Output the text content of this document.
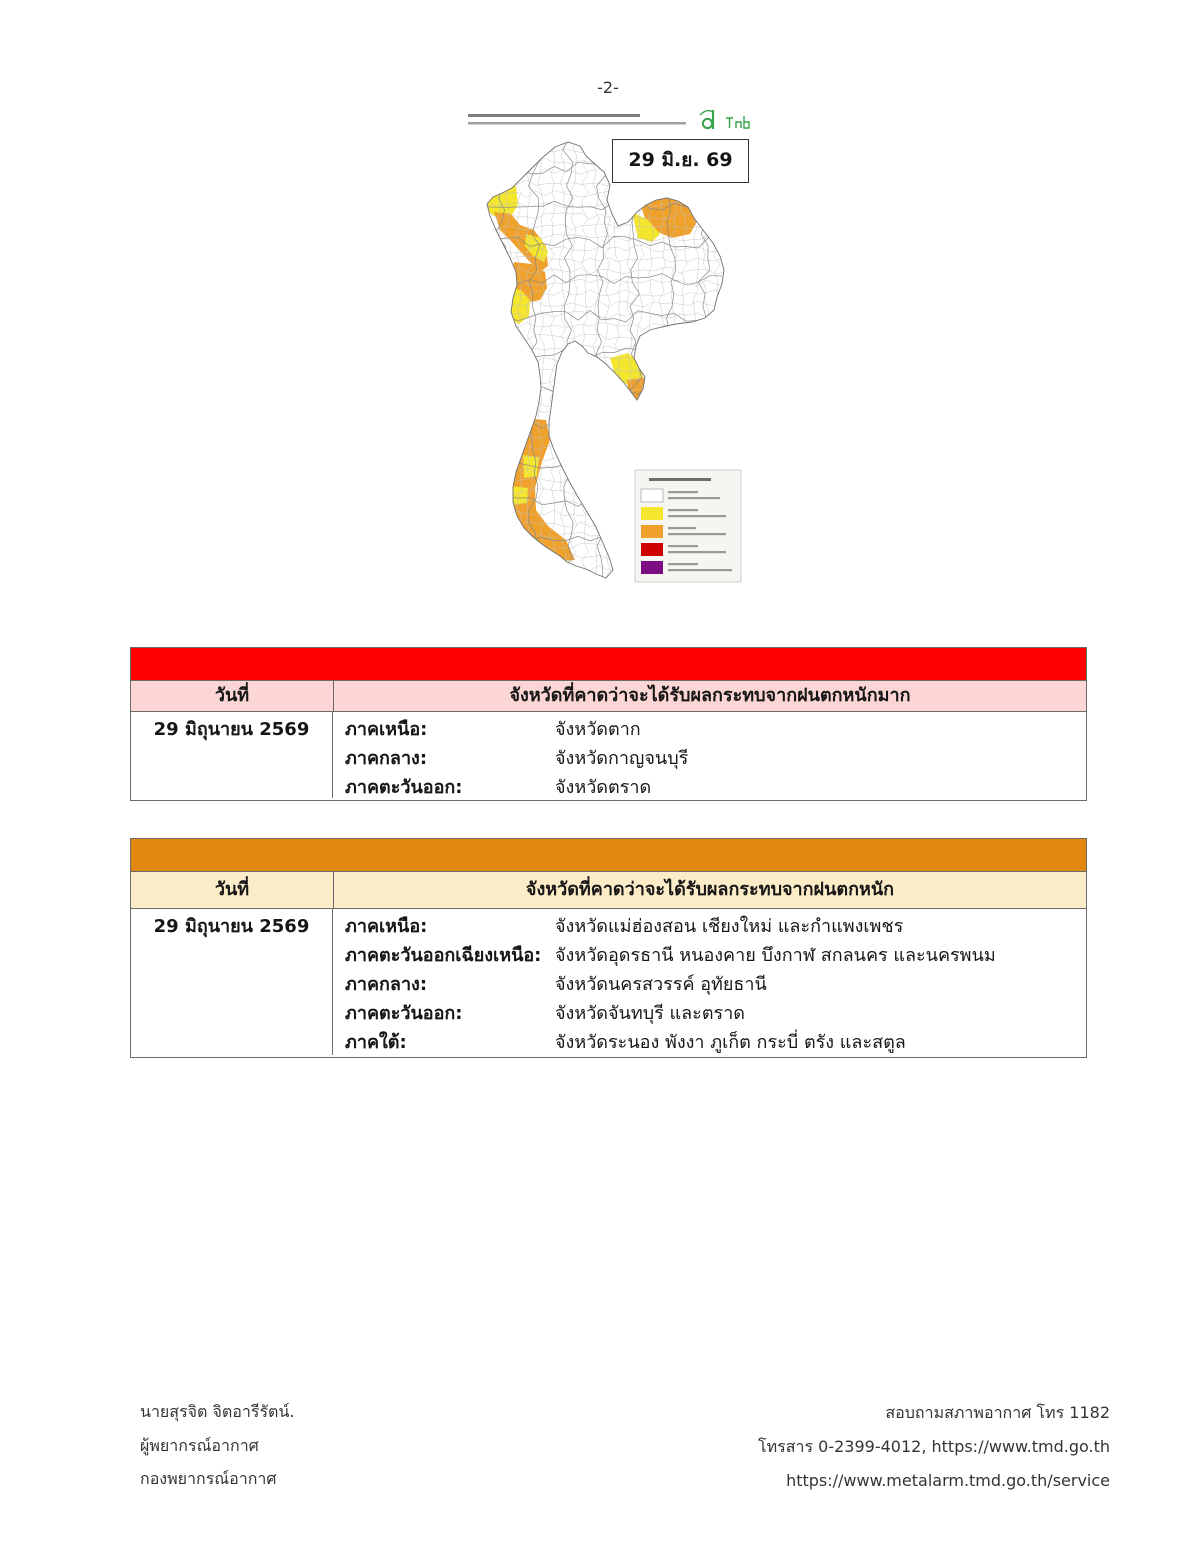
-2-
29 มิ.ย. 69
วันที่	จังหวัดที่คาดว่าจะได้รับผลกระทบจากฝนตกหนักมาก
29 มิถุนายน 2569	ภาคเหนือ:	จังหวัดตาก
ภาคกลาง:	จังหวัดกาญจนบุรี
ภาคตะวันออก:	จังหวัดตราด
วันที่	จังหวัดที่คาดว่าจะได้รับผลกระทบจากฝนตกหนัก
29 มิถุนายน 2569	ภาคเหนือ:	จังหวัดแม่ฮ่องสอน เชียงใหม่ และกำแพงเพชร
ภาคตะวันออกเฉียงเหนือ: จังหวัดอุดรธานี หนองคาย บึงกาฬ สกลนคร และนครพนม
ภาคกลาง:	จังหวัดนครสวรรค์ อุทัยธานี
ภาคตะวันออก:	จังหวัดจันทบุรี และตราด
ภาคใต้:	จังหวัดระนอง พังงา ภูเก็ต กระบี่ ตรัง และสตูล
นายสุรจิต จิตอารีรัตน์.
ผู้พยากรณ์อากาศ
กองพยากรณ์อากาศ
สอบถามสภาพอากาศ โทร 1182
โทรสาร 0-2399-4012, https://www.tmd.go.th
https://www.metalarm.tmd.go.th/service
